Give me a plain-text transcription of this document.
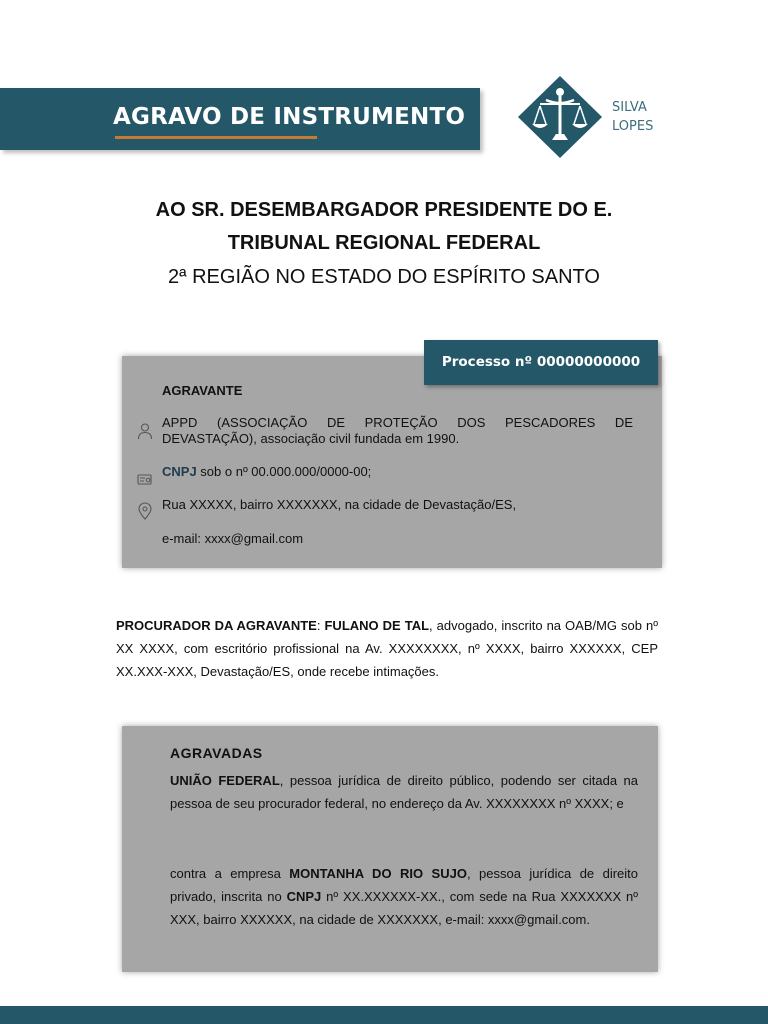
AGRAVO DE INSTRUMENTO	SILVA
LOPES
AO SR. DESEMBARGADOR PRESIDENTE DO E.
TRIBUNAL REGIONAL FEDERAL
2ª REGIÃO NO ESTADO DO ESPÍRITO SANTO
Processo nº 00000000000
AGRAVANTE
APPD (ASSOCIAÇÃO DE PROTEÇÃO DOS PESCADORES DE DEVASTAÇÃO), associação civil fundada em 1990.
CNPJ sob o nº 00.000.000/0000-00;
Rua XXXXX, bairro XXXXXXX, na cidade de Devastação/ES,
e-mail: xxxx@gmail.com
PROCURADOR DA AGRAVANTE: FULANO DE TAL, advogado, inscrito na OAB/MG sob nº XX XXXX, com escritório profissional na Av. XXXXXXXX, nº XXXX, bairro XXXXXX, CEP XX.XXX-XXX, Devastação/ES, onde recebe intimações.
AGRAVADAS
UNIÃO FEDERAL, pessoa jurídica de direito público, podendo ser citada na pessoa de seu procurador federal, no endereço da Av. XXXXXXXX nº XXXX; e
contra a empresa MONTANHA DO RIO SUJO, pessoa jurídica de direito privado, inscrita no CNPJ nº XX.XXXXXX-XX., com sede na Rua XXXXXXX nº XXX, bairro XXXXXX, na cidade de XXXXXXX, e-mail: xxxx@gmail.com.
